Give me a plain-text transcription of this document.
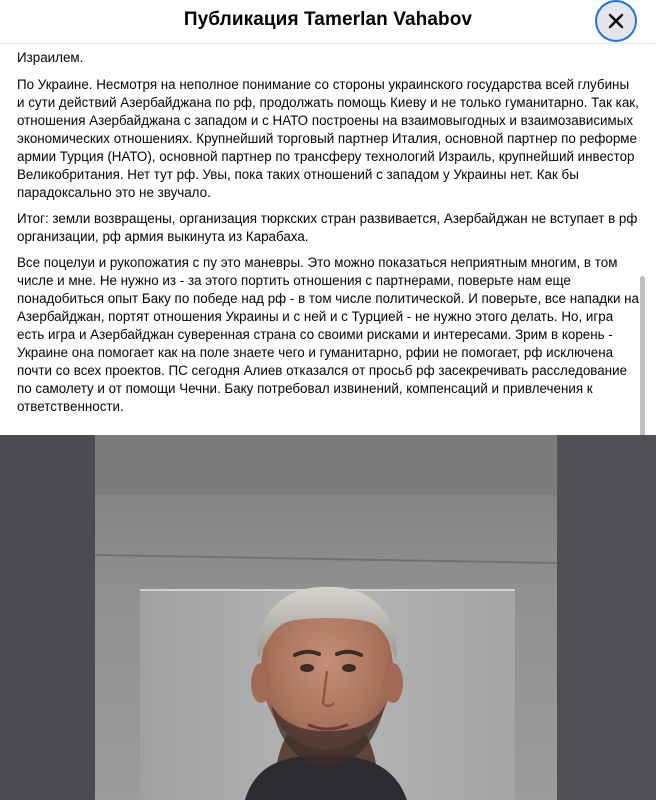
Публикация Tamerlan Vahabov

Израилем.

По Украине. Несмотря на неполное понимание со стороны украинского государства всей глубины и сути действий Азербайджана по рф, продолжать помощь Киеву и не только гуманитарно. Так как, отношения Азербайджана с западом и с НАТО построены на взаимовыгодных и взаимозависимых экономических отношениях. Крупнейший торговый партнер Италия, основной партнер по реформе армии Турция (НАТО), основной партнер по трансферу технологий Израиль, крупнейший инвестор Великобритания. Нет тут рф. Увы, пока таких отношений с западом у Украины нет. Как бы парадоксально это не звучало.

Итог: земли возвращены, организация тюркских стран развивается, Азербайджан не вступает в рф организации, рф армия выкинута из Карабаха.

Все поцелуи и рукопожатия с пу это маневры. Это можно показаться неприятным многим, в том числе и мне. Не нужно из - за этого портить отношения с партнерами, поверьте нам еще понадобиться опыт Баку по победе над рф - в том числе политической. И поверьте, все нападки на Азербайджан, портят отношения Украины и с ней и с Турцией - не нужно этого делать. Но, игра есть игра и Азербайджан суверенная страна со своими рисками и интересами. Зрим в корень - Украине она помогает как на поле знаете чего и гуманитарно, рфии не помогает, рф исключена почти со всех проектов. ПС сегодня Алиев отказался от просьб рф засекречивать расследование по самолету и от помощи Чечни. Баку потребовал извинений, компенсаций и привлечения к ответственности.
